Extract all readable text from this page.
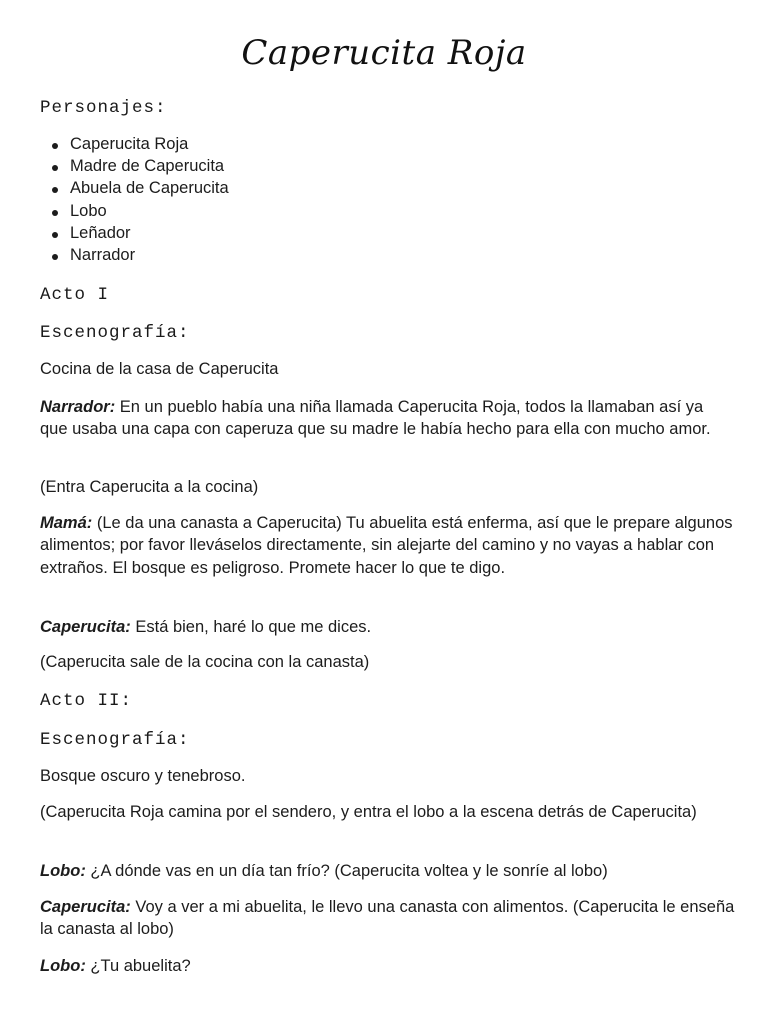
Caperucita Roja
Personajes:
Caperucita Roja
Madre de Caperucita
Abuela de Caperucita
Lobo
Leñador
Narrador
Acto I
Escenografía:

Cocina de la casa de Caperucita

Narrador: En un pueblo había una niña llamada Caperucita Roja, todos la llamaban así ya que usaba una capa con caperuza que su madre le había hecho para ella con mucho amor.

(Entra Caperucita a la cocina)

Mamá: (Le da una canasta a Caperucita) Tu abuelita está enferma, así que le prepare algunos alimentos; por favor lleváselos directamente, sin alejarte del camino y no vayas a hablar con extraños. El bosque es peligroso. Promete hacer lo que te digo.

Caperucita: Está bien, haré lo que me dices.

(Caperucita sale de la cocina con la canasta)

Acto II:
Escenografía:

Bosque oscuro y tenebroso.

(Caperucita Roja camina por el sendero, y entra el lobo a la escena detrás de Caperucita)

Lobo: ¿A dónde vas en un día tan frío? (Caperucita voltea y le sonríe al lobo)

Caperucita: Voy a ver a mi abuelita, le llevo una canasta con alimentos. (Caperucita le enseña la canasta al lobo)

Lobo: ¿Tu abuelita?
